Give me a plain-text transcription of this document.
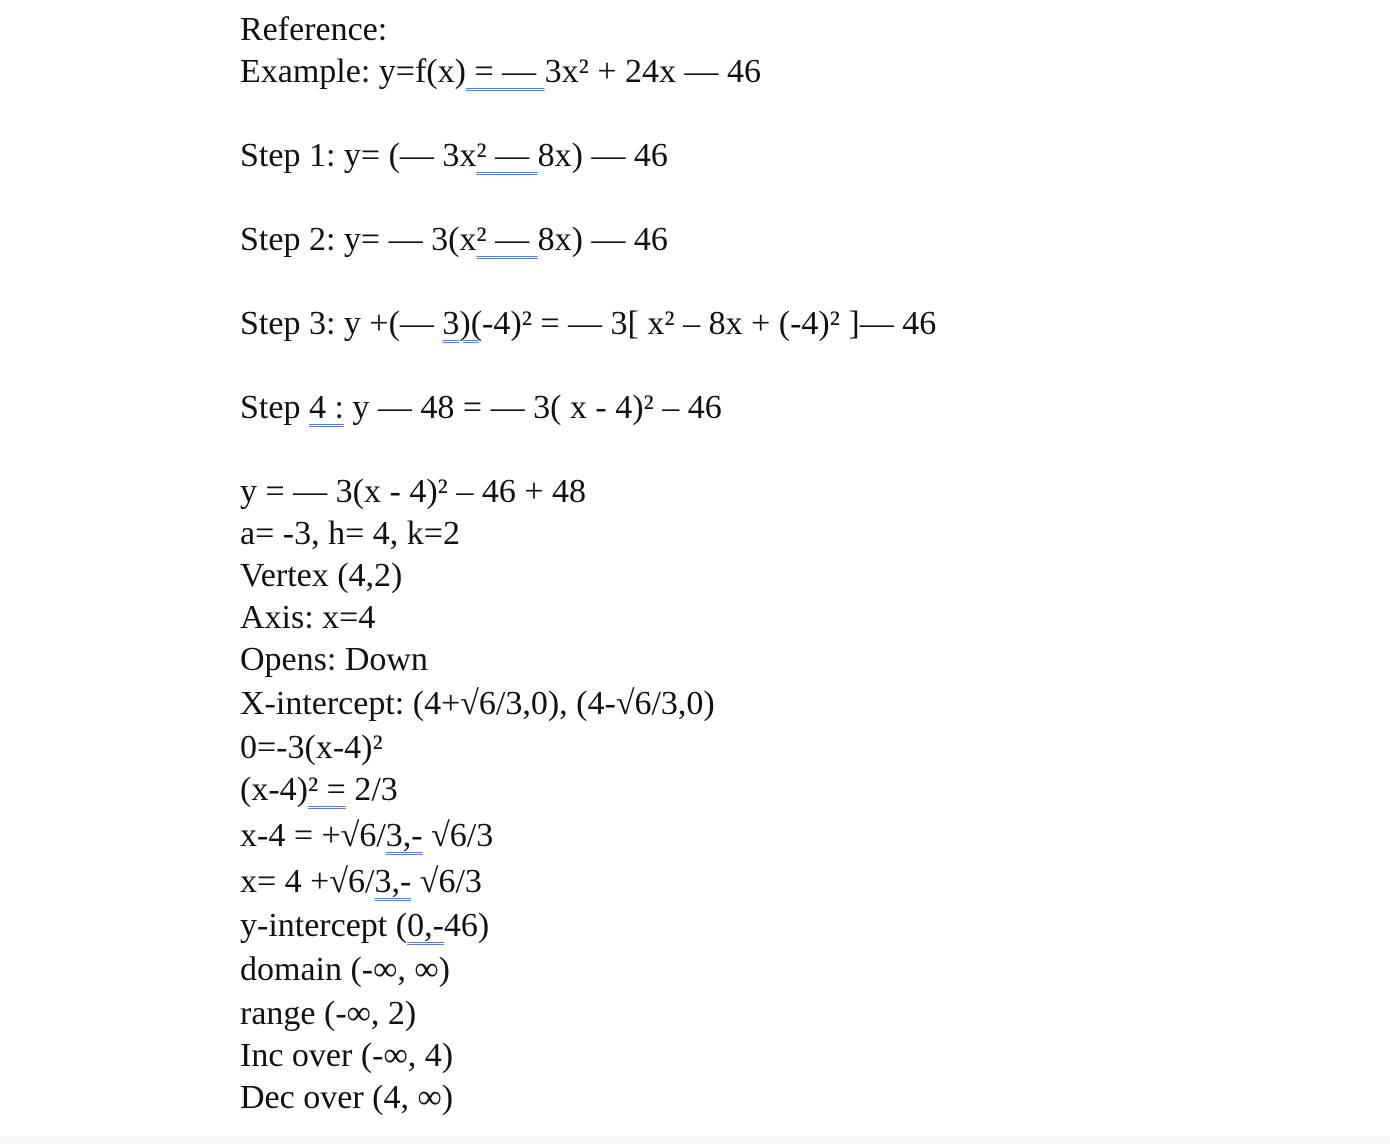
Reference:
Example: y=f(x) = — 3x² + 24x — 46
Step 1: y= (— 3x² — 8x) — 46
Step 2: y= — 3(x² — 8x) — 46
Step 3: y +(— 3)(-4)² = — 3[ x² ‒ 8x + (-4)² ]— 46
Step 4 : y — 48 = — 3( x - 4)² ‒ 46
y = — 3(x - 4)² ‒ 46 + 48
a= -3, h= 4, k=2
Vertex (4,2)
Axis: x=4
Opens: Down
X-intercept: (4+√6/3,0), (4-√6/3,0)
0=-3(x-4)²
(x-4)² = 2/3
x-4 = +√6/3,- √6/3
x= 4 +√6/3,- √6/3
y-intercept (0,-46)
domain (-∞, ∞)
range (-∞, 2)
Inc over (-∞, 4)
Dec over (4, ∞)
